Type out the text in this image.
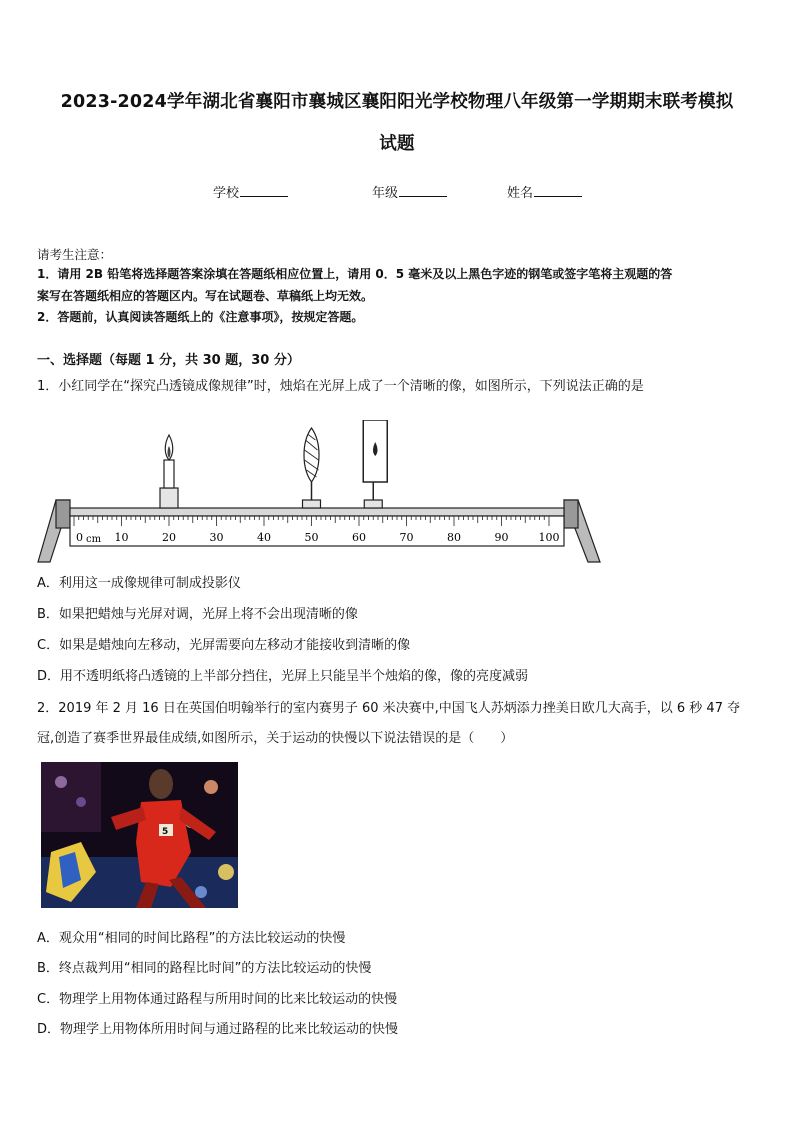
2023-2024学年湖北省襄阳市襄城区襄阳阳光学校物理八年级第一学期期末联考模拟
试题
学校	年级	姓名
请考生注意：
1．请用 2B 铅笔将选择题答案涂填在答题纸相应位置上，请用 0．5 毫米及以上黑色字迹的钢笔或签字笔将主观题的答
案写在答题纸相应的答题区内。写在试题卷、草稿纸上均无效。
2．答题前，认真阅读答题纸上的《注意事项》，按规定答题。
一、选择题（每题 1 分，共 30 题，30 分）
1．小红同学在“探究凸透镜成像规律”时，烛焰在光屏上成了一个清晰的像，如图所示，下列说法正确的是
0	10	20	30	40	50	60	70	80	90	100
cm
A．利用这一成像规律可制成投影仪
B．如果把蜡烛与光屏对调，光屏上将不会出现清晰的像
C．如果是蜡烛向左移动，光屏需要向左移动才能接收到清晰的像
D．用不透明纸将凸透镜的上半部分挡住，光屏上只能呈半个烛焰的像，像的亮度减弱
2．2019 年 2 月 16 日在英国伯明翰举行的室内赛男子 60 米决赛中,中国飞人苏炳添力挫美日欧几大高手，以 6 秒 47 夺
冠,创造了赛季世界最佳成绩,如图所示，关于运动的快慢以下说法错误的是（　　）
5
A．观众用“相同的时间比路程”的方法比较运动的快慢
B．终点裁判用“相同的路程比时间”的方法比较运动的快慢
C．物理学上用物体通过路程与所用时间的比来比较运动的快慢
D．物理学上用物体所用时间与通过路程的比来比较运动的快慢
